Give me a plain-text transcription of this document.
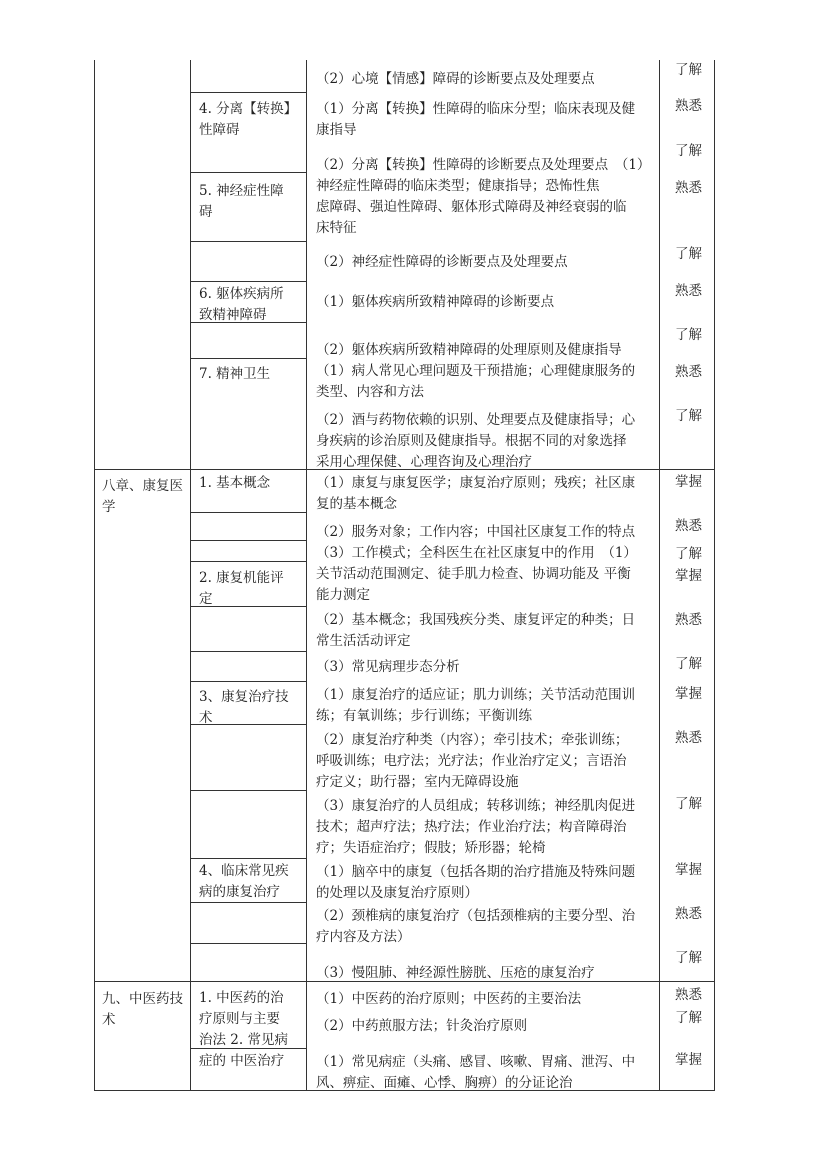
八章、康复医
学
九、中医药技
术
4. 分离【转换】
性障碍
5. 神经症性障
碍
6. 躯体疾病所
致精神障碍
7. 精神卫生
1. 基本概念
2. 康复机能评
定
3、康复治疗技
术
4、临床常见疾
病的康复治疗
1. 中医药的治
疗原则与主要
治法 2. 常见病
症的 中医治疗
（2）心境【情感】障碍的诊断要点及处理要点
（1）分离【转换】性障碍的临床分型；临床表现及健
康指导
（2）分离【转换】性障碍的诊断要点及处理要点　（1）
神经症性障碍的临床类型；健康指导；恐怖性焦
虑障碍、强迫性障碍、躯体形式障碍及神经衰弱的临
床特征
（2）神经症性障碍的诊断要点及处理要点
（1）躯体疾病所致精神障碍的诊断要点
（2）躯体疾病所致精神障碍的处理原则及健康指导
（1）病人常见心理问题及干预措施；心理健康服务的
类型、内容和方法
（2）酒与药物依赖的识别、处理要点及健康指导；心
身疾病的诊治原则及健康指导。根据不同的对象选择
采用心理保健、心理咨询及心理治疗
（1）康复与康复医学；康复治疗原则；残疾；社区康
复的基本概念
（2）服务对象；工作内容；中国社区康复工作的特点
（3）工作模式；全科医生在社区康复中的作用　（1）
关节活动范围测定、徒手肌力检查、协调功能及 平衡
能力测定
（2）基本概念；我国残疾分类、康复评定的种类；日
常生活活动评定
（3）常见病理步态分析
（1）康复治疗的适应证；肌力训练；关节活动范围训
练；有氧训练；步行训练；平衡训练
（2）康复治疗种类（内容）；牵引技术；牵张训练；
呼吸训练；电疗法；光疗法；作业治疗定义；言语治
疗定义；助行器；室内无障碍设施
（3）康复治疗的人员组成；转移训练；神经肌肉促进
技术；超声疗法；热疗法；作业治疗法；构音障碍治
疗；失语症治疗；假肢；矫形器；轮椅
（1）脑卒中的康复（包括各期的治疗措施及特殊问题
的处理以及康复治疗原则）
（2）颈椎病的康复治疗（包括颈椎病的主要分型、治
疗内容及方法）
（3）慢阻肺、神经源性膀胱、压疮的康复治疗
（1）中医药的治疗原则；中医药的主要治法
（2）中药煎服方法；针灸治疗原则
（1）常见病症（头痛、感冒、咳嗽、胃痛、泄泻、中
风、痹症、面瘫、心悸、胸痹）的分证论治
了解
熟悉
了解
熟悉
了解
熟悉
了解
熟悉
了解
掌握
熟悉
了解
掌握
熟悉
了解
掌握
熟悉
了解
掌握
熟悉
了解
熟悉
了解
掌握
